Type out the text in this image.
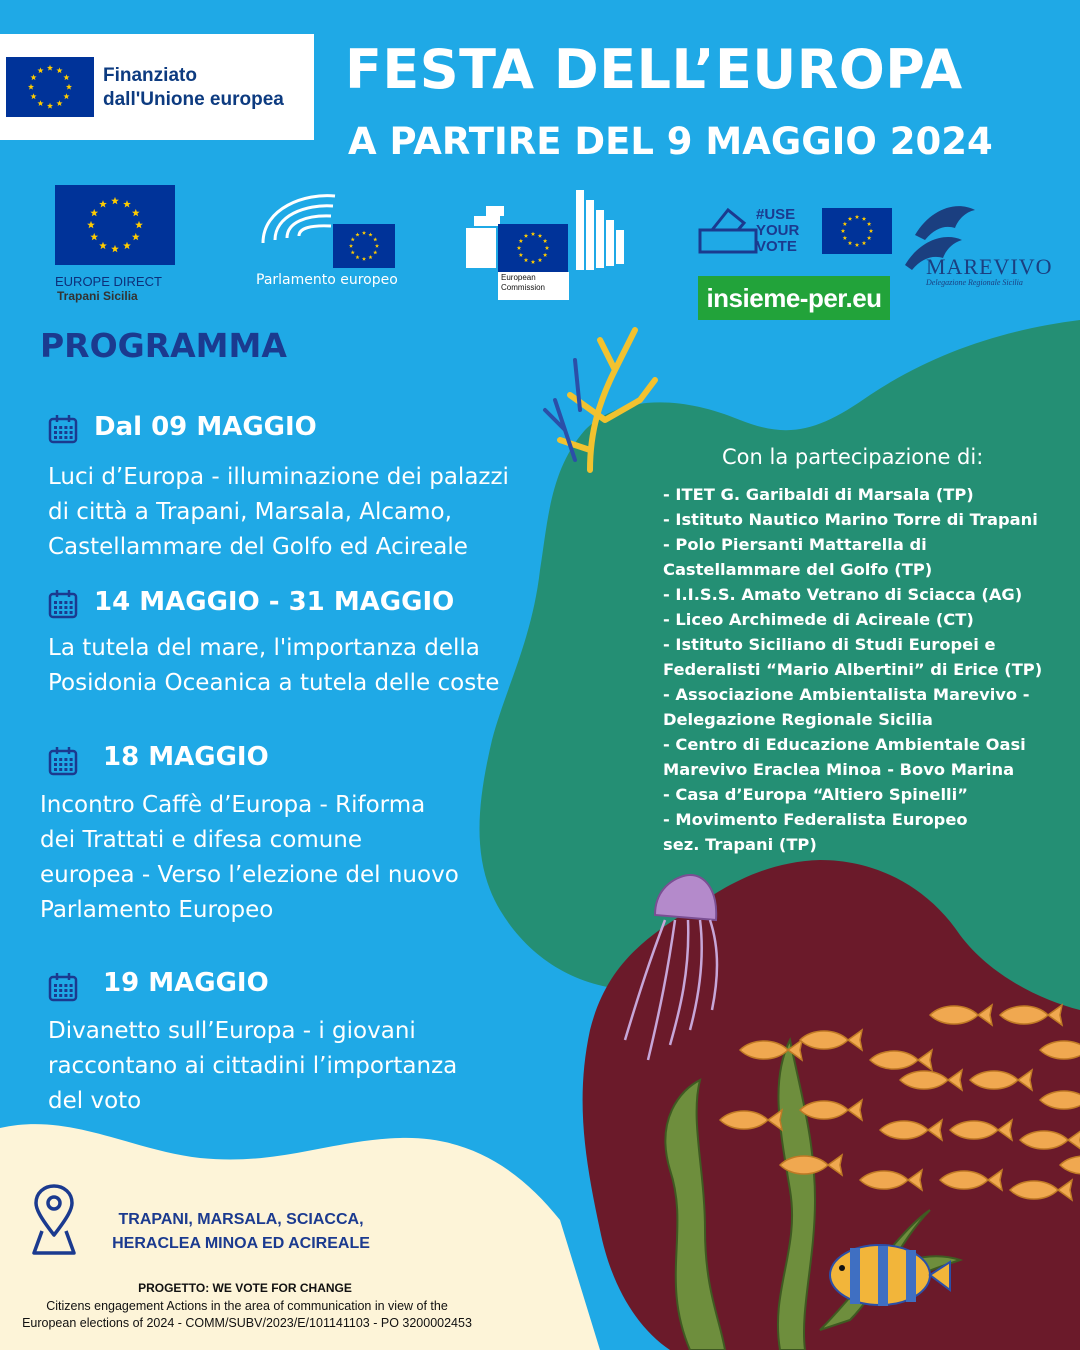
Finanziato
dall'Unione europea FESTA DELL’EUROPA
A PARTIRE DEL 9 MAGGIO 2024
EUROPE DIRECT
Trapani Sicilia
Parlamento europeo	European
Commission
#USE
YOUR
VOTE
insieme-per.eu
MAREVIVO
Delegazione Regionale Sicilia
PROGRAMMA
Dal 09 MAGGIO
Luci d’Europa - illuminazione dei palazzi
di città a Trapani, Marsala, Alcamo,
Castellammare del Golfo ed Acireale
14 MAGGIO - 31 MAGGIO
La tutela del mare, l'importanza della
Posidonia Oceanica a tutela delle coste
18 MAGGIO
Incontro Caffè d’Europa - Riforma
dei Trattati e difesa comune
europea - Verso l’elezione del nuovo
Parlamento Europeo
19 MAGGIO
Divanetto sull’Europa - i giovani
raccontano ai cittadini l’importanza
del voto
Con la partecipazione di:
- ITET G. Garibaldi di Marsala (TP)
- Istituto Nautico Marino Torre di Trapani
- Polo Piersanti Mattarella di
Castellammare del Golfo (TP)
- I.I.S.S. Amato Vetrano di Sciacca (AG)
- Liceo Archimede di Acireale (CT)
- Istituto Siciliano di Studi Europei e
Federalisti “Mario Albertini” di Erice (TP)
- Associazione Ambientalista Marevivo -
Delegazione Regionale Sicilia
- Centro di Educazione Ambientale Oasi
Marevivo Eraclea Minoa - Bovo Marina
- Casa d’Europa “Altiero Spinelli”
- Movimento Federalista Europeo
sez. Trapani (TP)
TRAPANI, MARSALA, SCIACCA,
HERACLEA MINOA ED ACIREALE
PROGETTO: WE VOTE FOR CHANGE
Citizens engagement Actions in the area of communication in view of the
European elections of 2024 - COMM/SUBV/2023/E/101141103 - PO 3200002453
